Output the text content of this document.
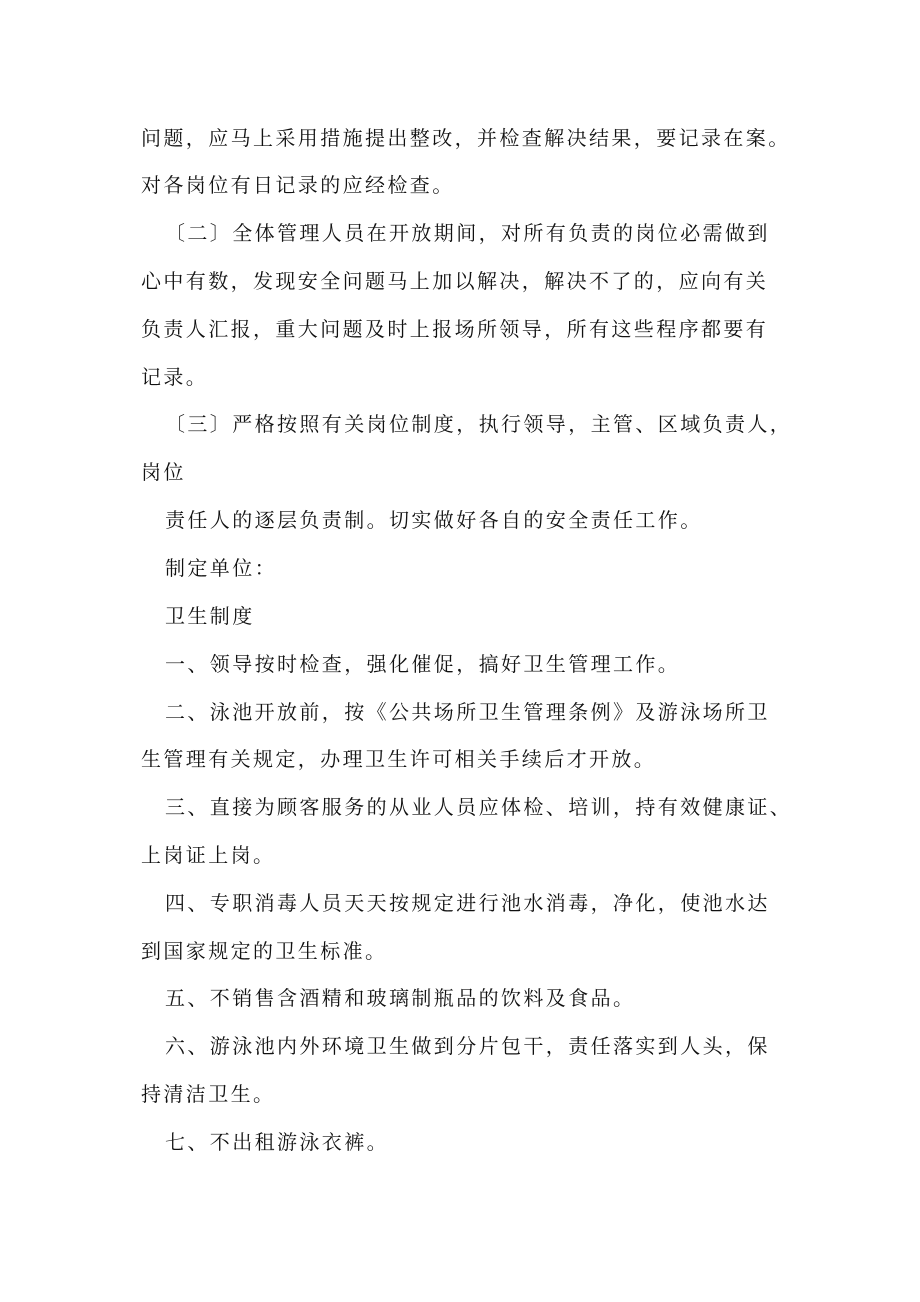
问题，应马上采用措施提出整改，并检查解决结果，要记录在案。
对各岗位有日记录的应经检查。
〔二〕全体管理人员在开放期间，对所有负责的岗位必需做到
心中有数，发现安全问题马上加以解决，解决不了的，应向有关
负责人汇报，重大问题及时上报场所领导，所有这些程序都要有
记录。
〔三〕严格按照有关岗位制度，执行领导，主管、区域负责人，
岗位
责任人的逐层负责制。切实做好各自的安全责任工作。
制定单位：
卫生制度
一、领导按时检查，强化催促，搞好卫生管理工作。
二、泳池开放前，按《公共场所卫生管理条例》及游泳场所卫
生管理有关规定，办理卫生许可相关手续后才开放。
三、直接为顾客服务的从业人员应体检、培训，持有效健康证、
上岗证上岗。
四、专职消毒人员天天按规定进行池水消毒，净化，使池水达
到国家规定的卫生标准。
五、不销售含酒精和玻璃制瓶品的饮料及食品。
六、游泳池内外环境卫生做到分片包干，责任落实到人头，保
持清洁卫生。
七、不出租游泳衣裤。
